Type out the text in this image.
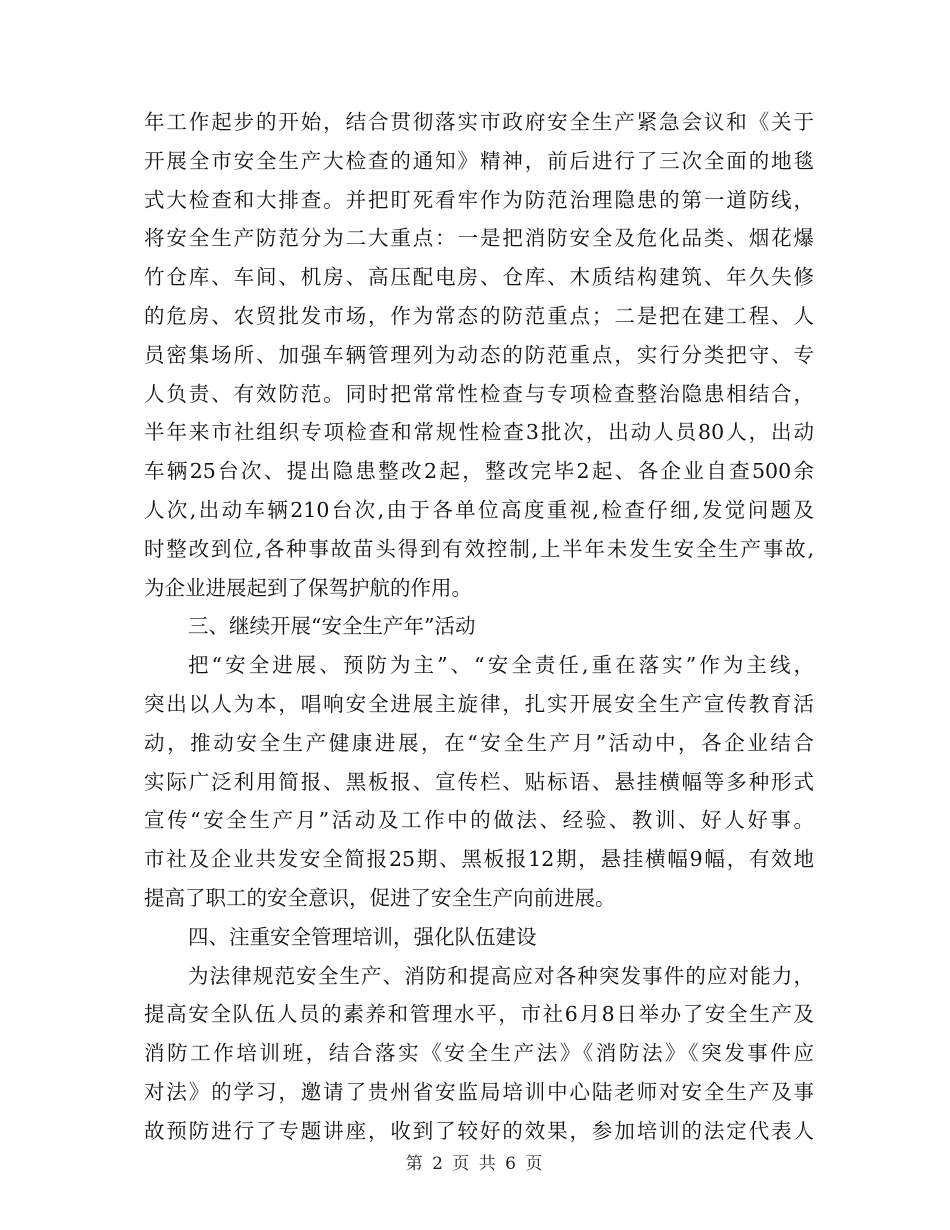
年工作起步的开始，结合贯彻落实市政府安全生产紧急会议和《关于
开展全市安全生产大检查的通知》精神，前后进行了三次全面的地毯
式大检查和大排查。并把盯死看牢作为防范治理隐患的第一道防线，
将安全生产防范分为二大重点：一是把消防安全及危化品类、烟花爆
竹仓库、车间、机房、高压配电房、仓库、木质结构建筑、年久失修
的危房、农贸批发市场，作为常态的防范重点；二是把在建工程、人
员密集场所、加强车辆管理列为动态的防范重点，实行分类把守、专
人负责、有效防范。同时把常常性检查与专项检查整治隐患相结合，
半年来市社组织专项检查和常规性检查3批次，出动人员80人，出动
车辆25台次、提出隐患整改2起，整改完毕2起、各企业自查500余
人次,出动车辆210台次,由于各单位高度重视,检查仔细,发觉问题及
时整改到位,各种事故苗头得到有效控制,上半年未发生安全生产事故,
为企业进展起到了保驾护航的作用。
三、继续开展“安全生产年”活动
把“安全进展、预防为主”、“安全责任,重在落实”作为主线，
突出以人为本，唱响安全进展主旋律，扎实开展安全生产宣传教育活
动，推动安全生产健康进展，在“安全生产月”活动中，各企业结合
实际广泛利用简报、黑板报、宣传栏、贴标语、悬挂横幅等多种形式
宣传“安全生产月”活动及工作中的做法、经验、教训、好人好事。
市社及企业共发安全简报25期、黑板报12期，悬挂横幅9幅，有效地
提高了职工的安全意识，促进了安全生产向前进展。
四、注重安全管理培训，强化队伍建设
为法律规范安全生产、消防和提高应对各种突发事件的应对能力，
提高安全队伍人员的素养和管理水平，市社6月8日举办了安全生产及
消防工作培训班，结合落实《安全生产法》《消防法》《突发事件应
对法》的学习，邀请了贵州省安监局培训中心陆老师对安全生产及事
故预防进行了专题讲座，收到了较好的效果，参加培训的法定代表人
第 2 页 共 6 页
